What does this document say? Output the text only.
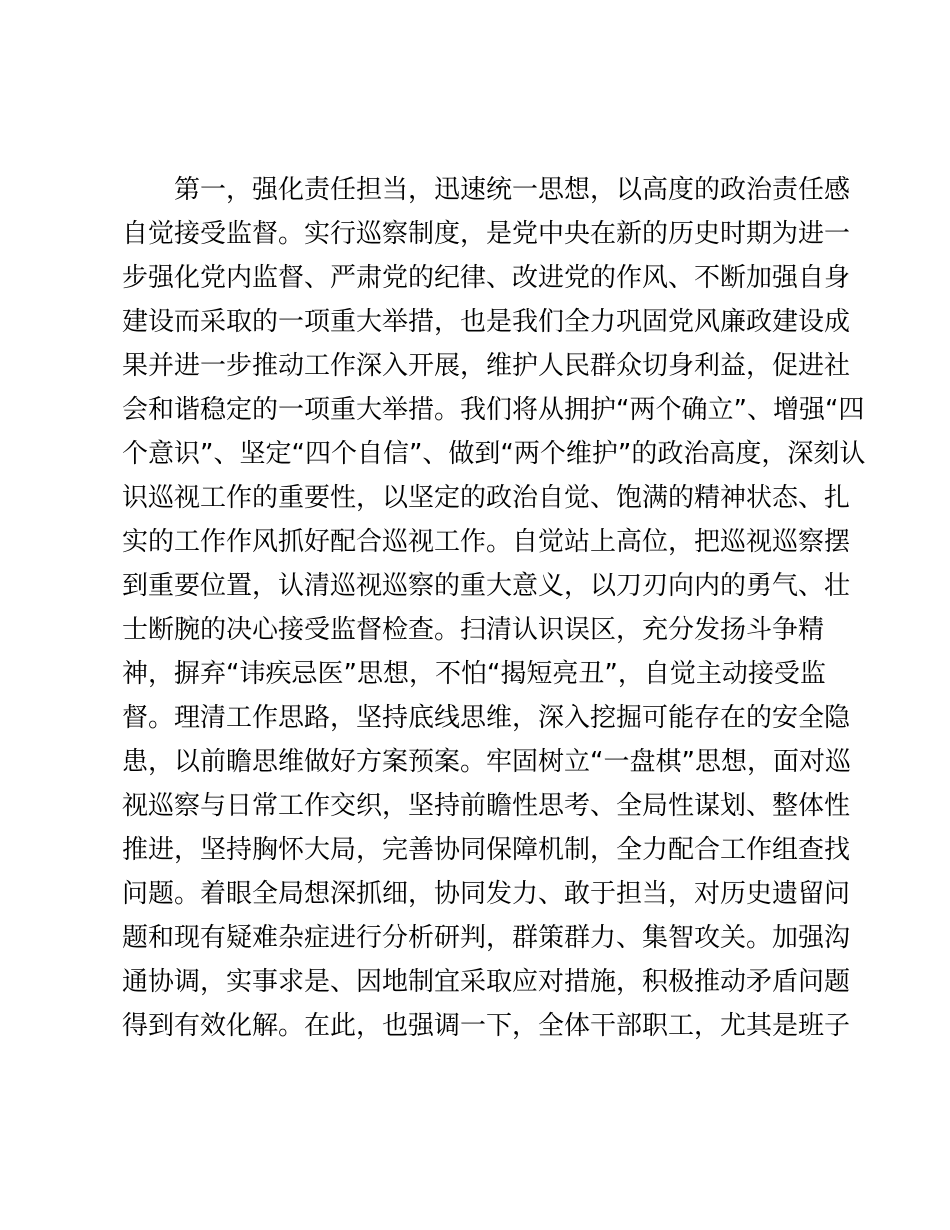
第一，强化责任担当，迅速统一思想，以高度的政治责任感
自觉接受监督。实行巡察制度，是党中央在新的历史时期为进一
步强化党内监督、严肃党的纪律、改进党的作风、不断加强自身
建设而采取的一项重大举措，也是我们全力巩固党风廉政建设成
果并进一步推动工作深入开展，维护人民群众切身利益，促进社
会和谐稳定的一项重大举措。我们将从拥护“两个确立”、增强“四
个意识”、坚定“四个自信”、做到“两个维护”的政治高度，深刻认
识巡视工作的重要性，以坚定的政治自觉、饱满的精神状态、扎
实的工作作风抓好配合巡视工作。自觉站上高位，把巡视巡察摆
到重要位置，认清巡视巡察的重大意义，以刀刃向内的勇气、壮
士断腕的决心接受监督检查。扫清认识误区，充分发扬斗争精
神，摒弃“讳疾忌医”思想，不怕“揭短亮丑”，自觉主动接受监
督。理清工作思路，坚持底线思维，深入挖掘可能存在的安全隐
患，以前瞻思维做好方案预案。牢固树立“一盘棋”思想，面对巡
视巡察与日常工作交织，坚持前瞻性思考、全局性谋划、整体性
推进，坚持胸怀大局，完善协同保障机制，全力配合工作组查找
问题。着眼全局想深抓细，协同发力、敢于担当，对历史遗留问
题和现有疑难杂症进行分析研判，群策群力、集智攻关。加强沟
通协调，实事求是、因地制宜采取应对措施，积极推动矛盾问题
得到有效化解。在此，也强调一下，全体干部职工，尤其是班子
